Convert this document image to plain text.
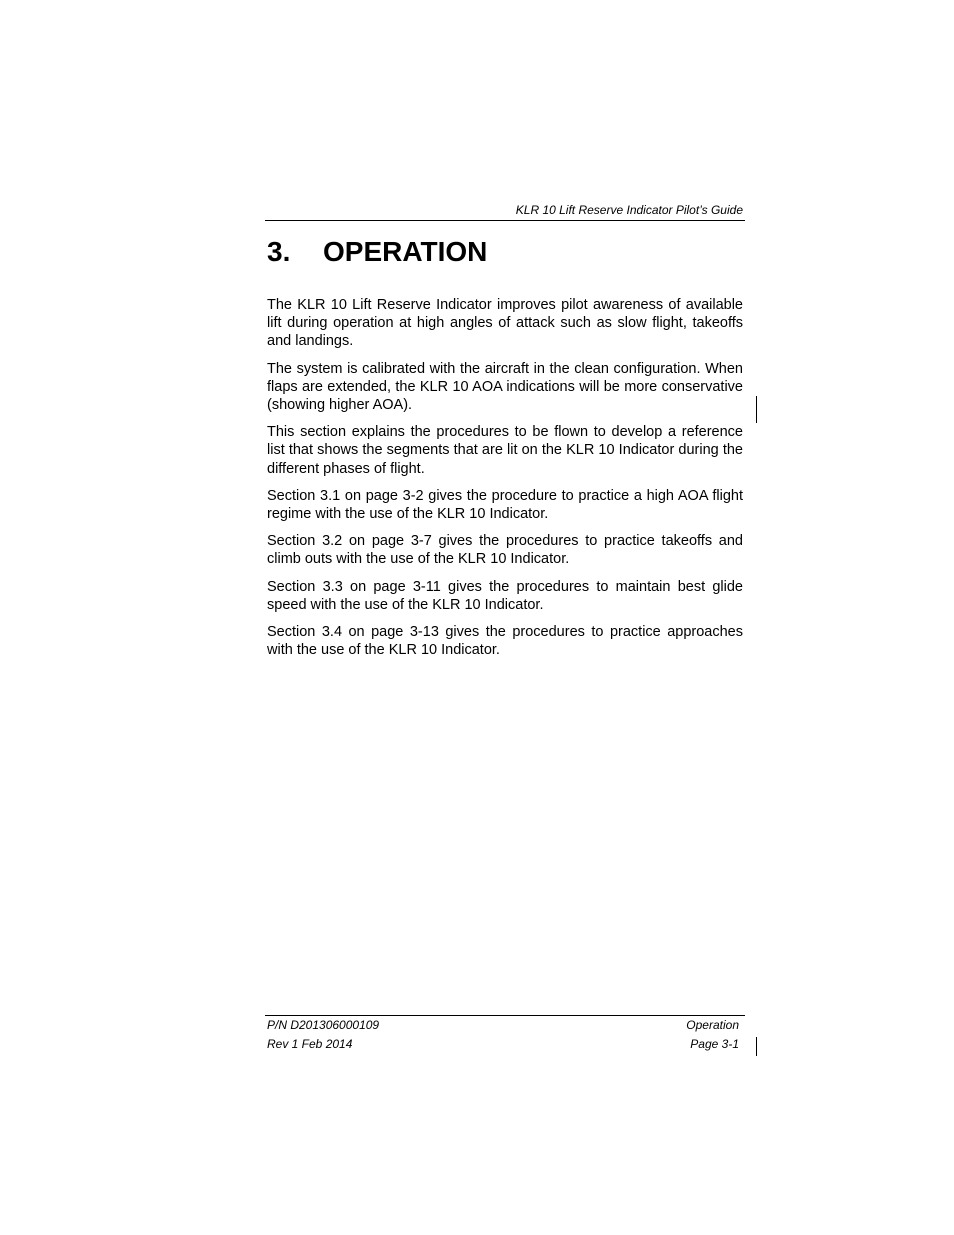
KLR 10 Lift Reserve Indicator Pilot’s Guide
3. OPERATION

The KLR 10 Lift Reserve Indicator improves pilot awareness of available lift during operation at high angles of attack such as slow flight, takeoffs and landings.

The system is calibrated with the aircraft in the clean configuration. When flaps are extended, the KLR 10 AOA indications will be more conservative (showing higher AOA).

This section explains the procedures to be flown to develop a reference list that shows the segments that are lit on the KLR 10 Indicator during the different phases of flight.

Section 3.1 on page 3-2 gives the procedure to practice a high AOA flight regime with the use of the KLR 10 Indicator.

Section 3.2 on page 3-7 gives the procedures to practice takeoffs and climb outs with the use of the KLR 10 Indicator.

Section 3.3 on page 3-11 gives the procedures to maintain best glide speed with the use of the KLR 10 Indicator.

Section 3.4 on page 3-13 gives the procedures to practice approaches with the use of the KLR 10 Indicator.

P/N D201306000109	Operation
Rev 1 Feb 2014	Page 3-1
